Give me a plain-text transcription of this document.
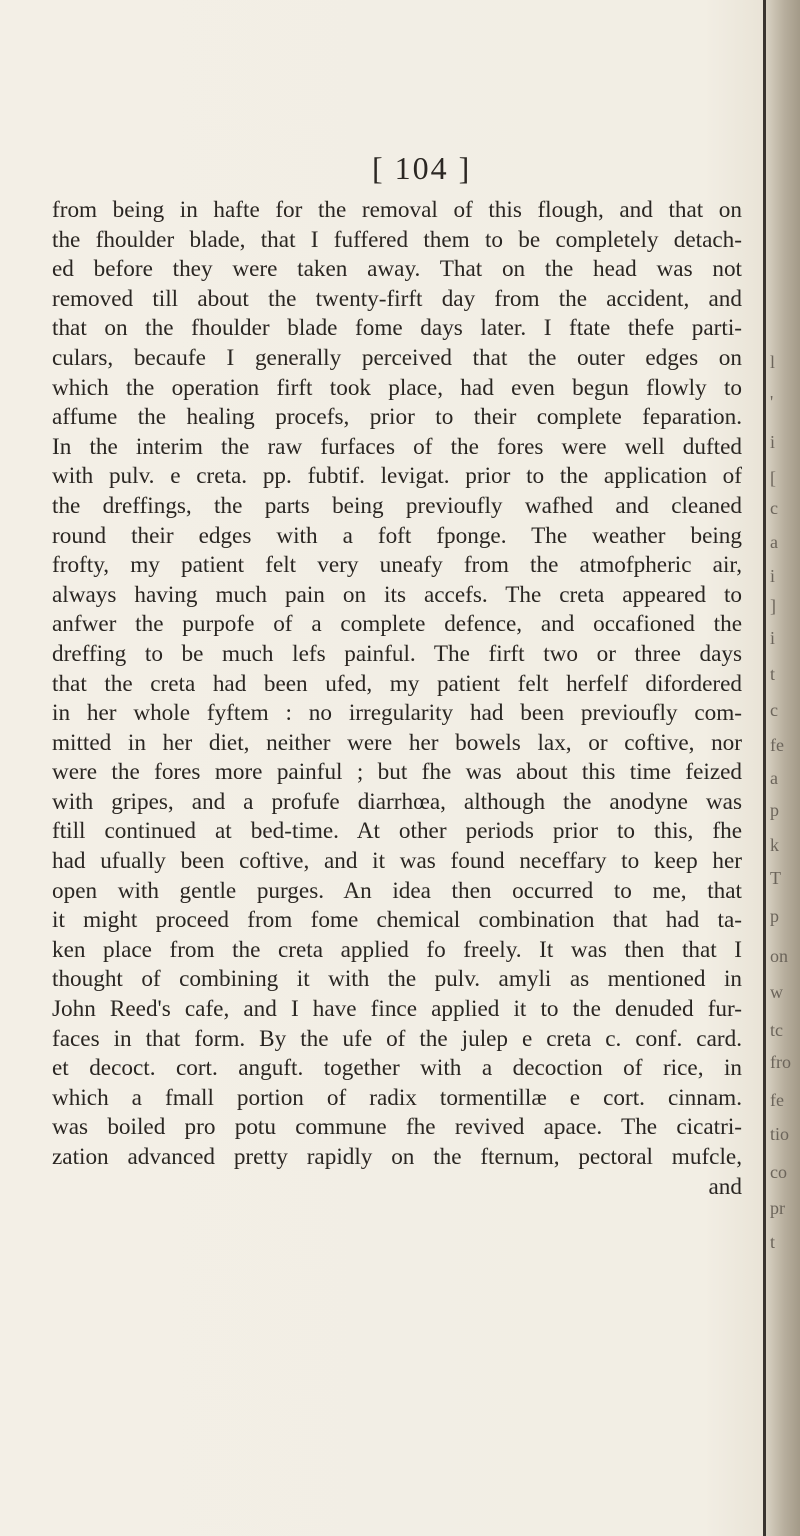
l
'
i
[
c
a
i
]
i
t
c
fe
a
p
k
T
p
on
w
tc
fro
fe
tio
co
pr
t
[ 104 ]
from being in hafte for the removal of this flough, and that on
the fhoulder blade, that I fuffered them to be completely detach-
ed before they were taken away. That on the head was not
removed till about the twenty-firft day from the accident, and
that on the fhoulder blade fome days later. I ftate thefe parti-
culars, becaufe I generally perceived that the outer edges on
which the operation firft took place, had even begun flowly to
affume the healing procefs, prior to their complete feparation.
In the interim the raw furfaces of the fores were well dufted
with pulv. e creta. pp. fubtif. levigat. prior to the application of
the dreffings, the parts being previoufly wafhed and cleaned
round their edges with a foft fponge. The weather being
frofty, my patient felt very uneafy from the atmofpheric air,
always having much pain on its accefs. The creta appeared to
anfwer the purpofe of a complete defence, and occafioned the
dreffing to be much lefs painful. The firft two or three days
that the creta had been ufed, my patient felt herfelf difordered
in her whole fyftem : no irregularity had been previoufly com-
mitted in her diet, neither were her bowels lax, or coftive, nor
were the fores more painful ; but fhe was about this time feized
with gripes, and a profufe diarrhœa, although the anodyne was
ftill continued at bed-time. At other periods prior to this, fhe
had ufually been coftive, and it was found neceffary to keep her
open with gentle purges. An idea then occurred to me, that
it might proceed from fome chemical combination that had ta-
ken place from the creta applied fo freely. It was then that I
thought of combining it with the pulv. amyli as mentioned in
John Reed's cafe, and I have fince applied it to the denuded fur-
faces in that form. By the ufe of the julep e creta c. conf. card.
et decoct. cort. anguft. together with a decoction of rice, in
which a fmall portion of radix tormentillæ e cort. cinnam.
was boiled pro potu commune fhe revived apace. The cicatri-
zation advanced pretty rapidly on the fternum, pectoral mufcle,
and
